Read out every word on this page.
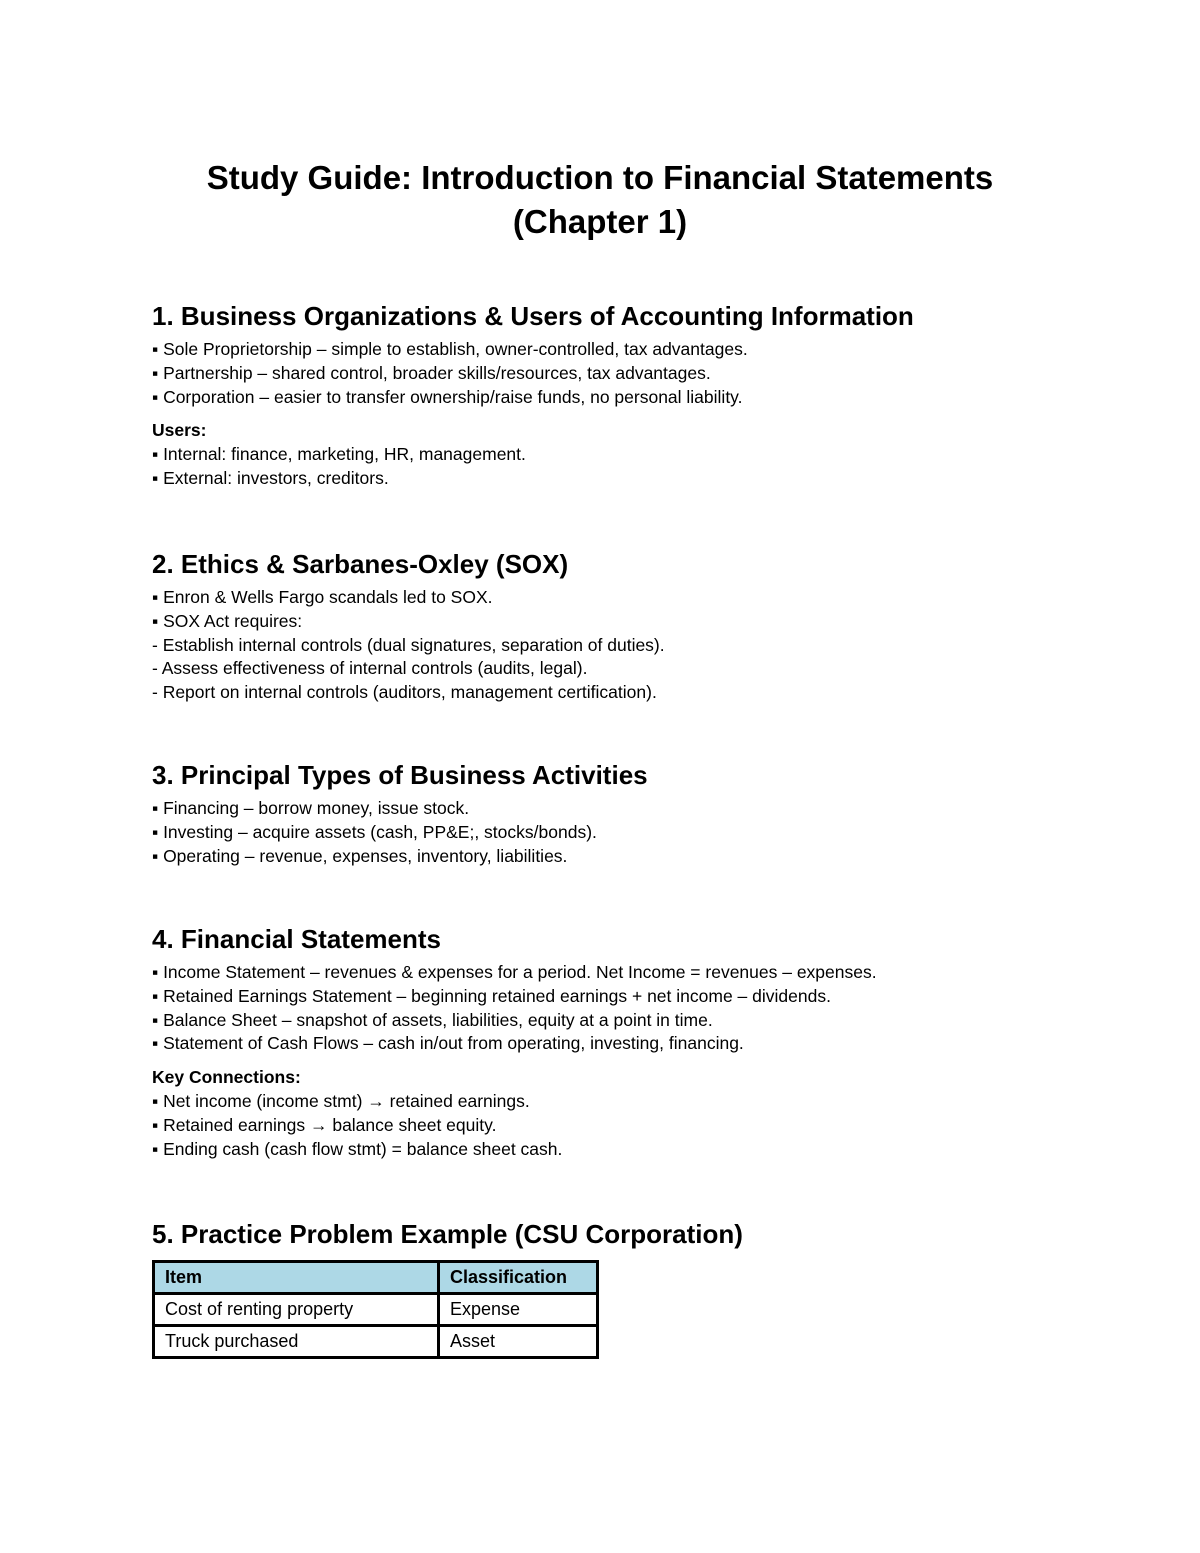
Study Guide: Introduction to Financial Statements
(Chapter 1)
1. Business Organizations & Users of Accounting Information
▪ Sole Proprietorship – simple to establish, owner-controlled, tax advantages.
▪ Partnership – shared control, broader skills/resources, tax advantages.
▪ Corporation – easier to transfer ownership/raise funds, no personal liability.
Users:
▪ Internal: finance, marketing, HR, management.
▪ External: investors, creditors.
2. Ethics & Sarbanes-Oxley (SOX)
▪ Enron & Wells Fargo scandals led to SOX.
▪ SOX Act requires:
- Establish internal controls (dual signatures, separation of duties).
- Assess effectiveness of internal controls (audits, legal).
- Report on internal controls (auditors, management certification).
3. Principal Types of Business Activities
▪ Financing – borrow money, issue stock.
▪ Investing – acquire assets (cash, PP&E;, stocks/bonds).
▪ Operating – revenue, expenses, inventory, liabilities.
4. Financial Statements
▪ Income Statement – revenues & expenses for a period. Net Income = revenues – expenses.
▪ Retained Earnings Statement – beginning retained earnings + net income – dividends.
▪ Balance Sheet – snapshot of assets, liabilities, equity at a point in time.
▪ Statement of Cash Flows – cash in/out from operating, investing, financing.
Key Connections:
▪ Net income (income stmt) → retained earnings.
▪ Retained earnings → balance sheet equity.
▪ Ending cash (cash flow stmt) = balance sheet cash.
5. Practice Problem Example (CSU Corporation)
Item	Classification
Cost of renting property	Expense
Truck purchased	Asset
